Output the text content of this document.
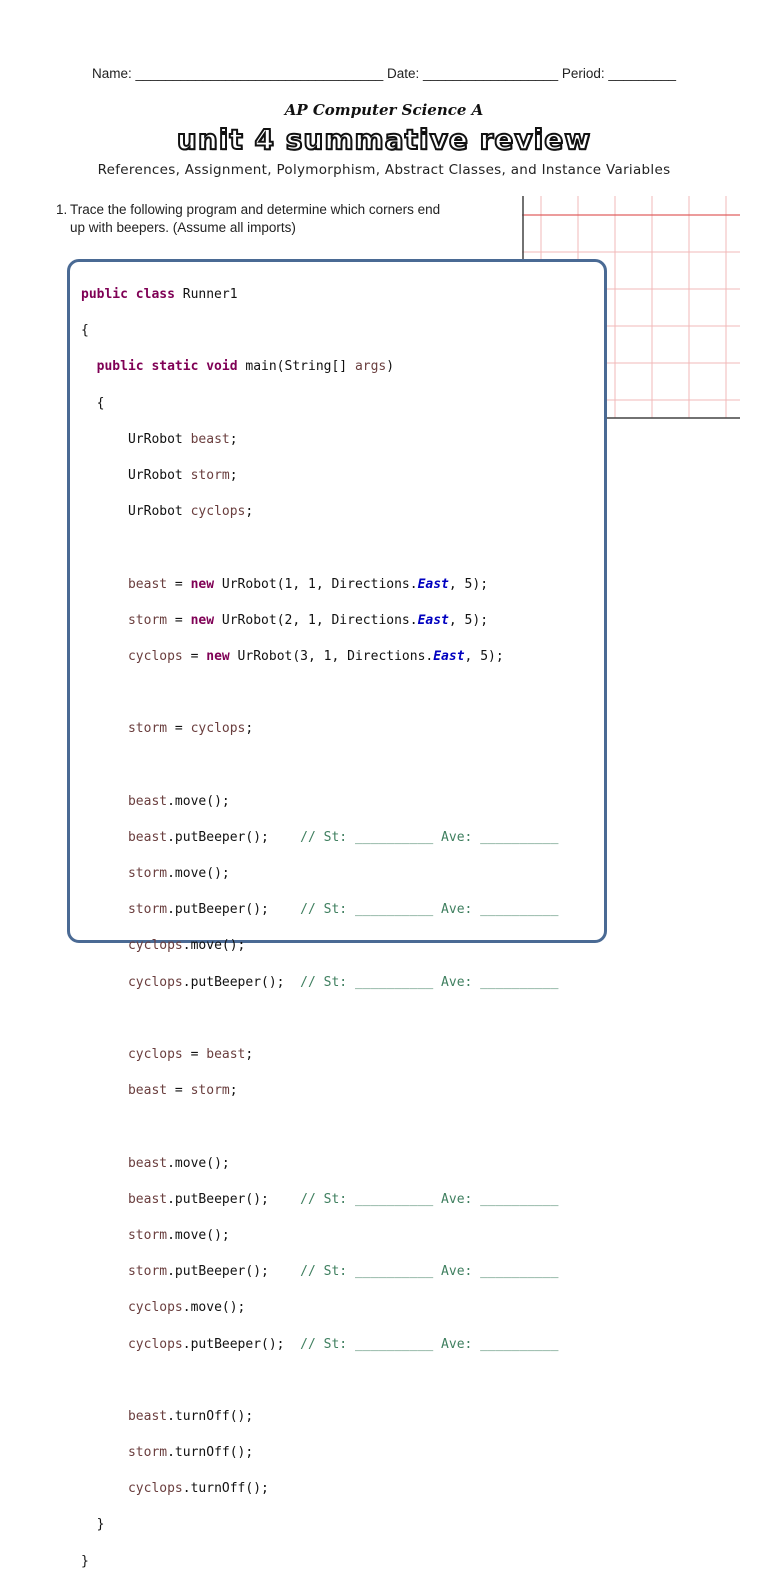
Name: _________________________________ Date: __________________ Period: _________
AP Computer Science A
unit 4 summative review
References, Assignment, Polymorphism, Abstract Classes, and Instance Variables
1. Trace the following program and determine which corners end
up with beepers. (Assume all imports)

public class Runner1

{

public static void main(String[] args)

{

UrRobot beast;

UrRobot storm;

UrRobot cyclops;

beast = new UrRobot(1, 1, Directions.East, 5);

storm = new UrRobot(2, 1, Directions.East, 5);

cyclops = new UrRobot(3, 1, Directions.East, 5);

storm = cyclops;

beast.move();

beast.putBeeper(); // St: __________ Ave: __________

storm.move();

storm.putBeeper(); // St: __________ Ave: __________

cyclops.move();

cyclops.putBeeper(); // St: __________ Ave: __________

cyclops = beast;

beast = storm;

beast.move();

beast.putBeeper(); // St: __________ Ave: __________

storm.move();

storm.putBeeper(); // St: __________ Ave: __________

cyclops.move();

cyclops.putBeeper(); // St: __________ Ave: __________

beast.turnOff();

storm.turnOff();

cyclops.turnOff();

}

}
